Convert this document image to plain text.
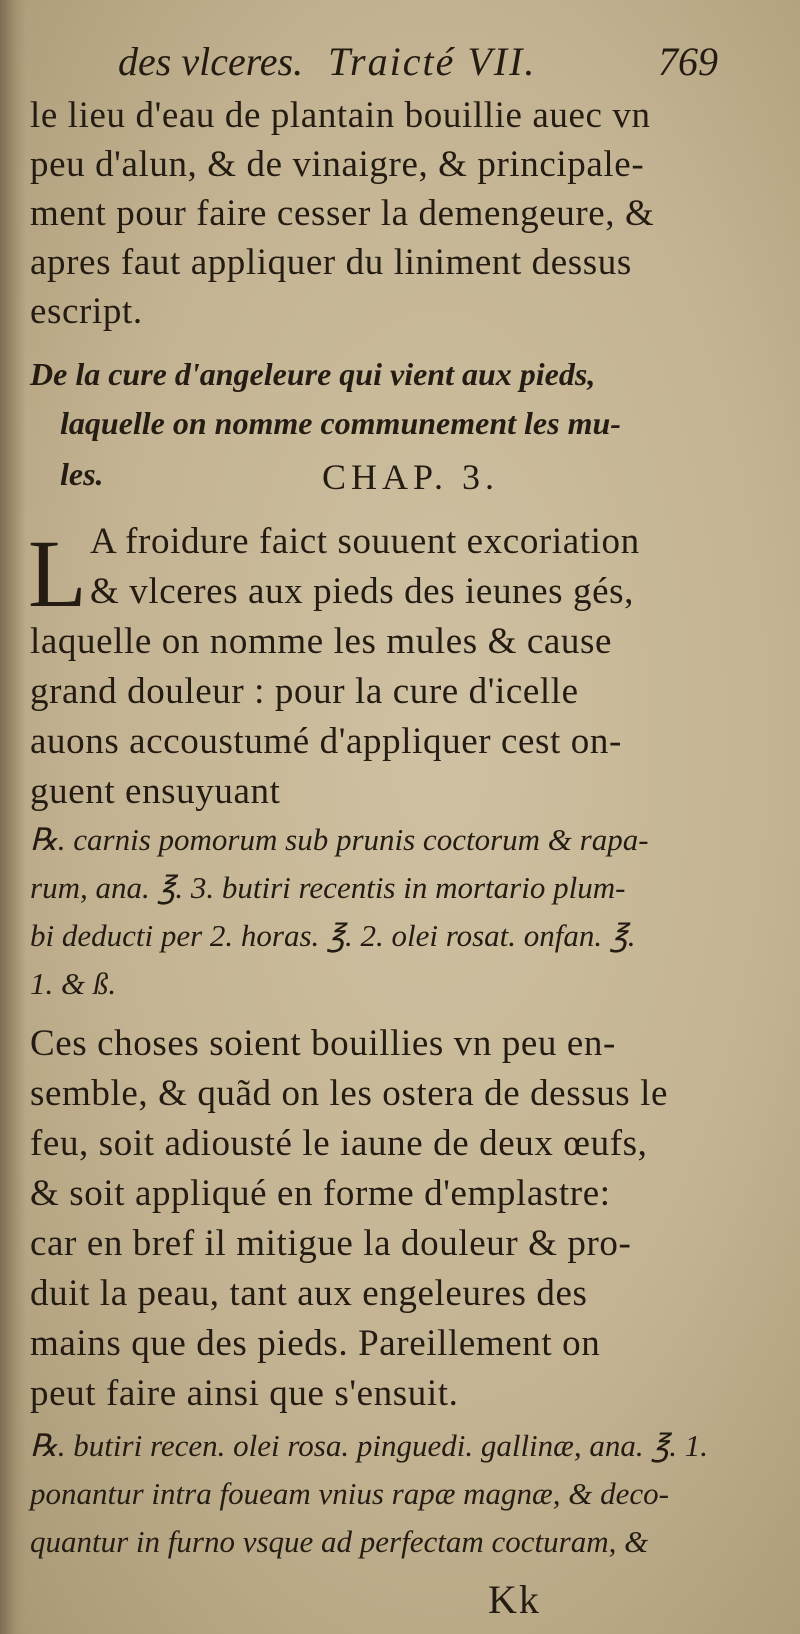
des vlceres. Traicté VII.	769
le lieu d'eau de plantain bouillie auec vn
peu d'alun, & de vinaigre, & principale-
ment pour faire cesser la demengeure, &
apres faut appliquer du liniment dessus
escript.
De la cure d'angeleure qui vient aux pieds,
laquelle on nomme communement les mu-
les.	CHAP. 3.
L A froidure faict souuent excoriation
& vlceres aux pieds des ieunes gés,
laquelle on nomme les mules & cause
grand douleur : pour la cure d'icelle
auons accoustumé d'appliquer cest on-
guent ensuyuant
℞. carnis pomorum sub prunis coctorum & rapa-
rum, ana. ℥. 3. butiri recentis in mortario plum-
bi deducti per 2. horas. ℥. 2. olei rosat. onfan. ℥.
1. & ß.
Ces choses soient bouillies vn peu en-
semble, & quãd on les ostera de dessus le
feu, soit adiousté le iaune de deux œufs,
& soit appliqué en forme d'emplastre:
car en bref il mitigue la douleur & pro-
duit la peau, tant aux engeleures des
mains que des pieds. Pareillement on
peut faire ainsi que s'ensuit.
℞. butiri recen. olei rosa. pinguedi. gallinæ, ana. ℥. 1.
ponantur intra foueam vnius rapæ magnæ, & deco-
quantur in furno vsque ad perfectam cocturam, &
Kk
